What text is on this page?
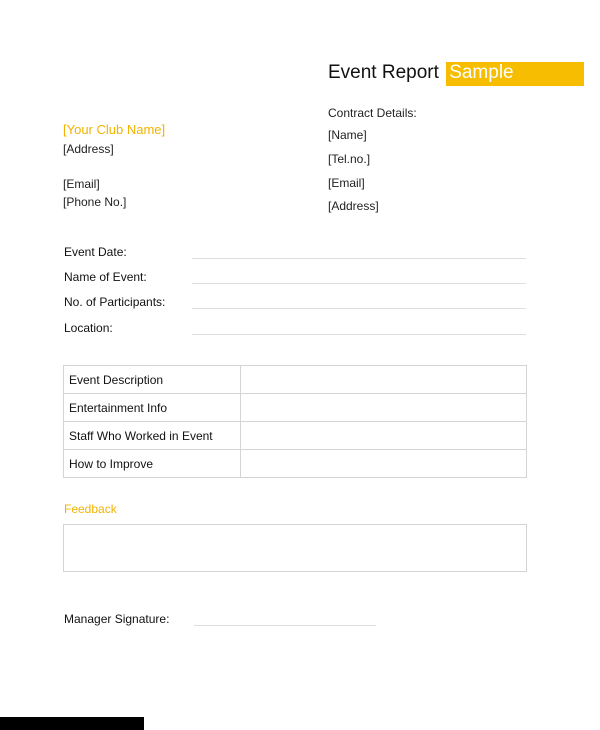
Event Report Sample
Contract Details:
[Name]
[Tel.no.]
[Email]
[Address]
[Your Club Name]
[Address]
[Email]
[Phone No.]
Event Date:
Name of Event:
No. of Participants:
Location:
Event Description	
Entertainment Info	
Staff Who Worked in Event	
How to Improve	
Feedback
Manager Signature:
